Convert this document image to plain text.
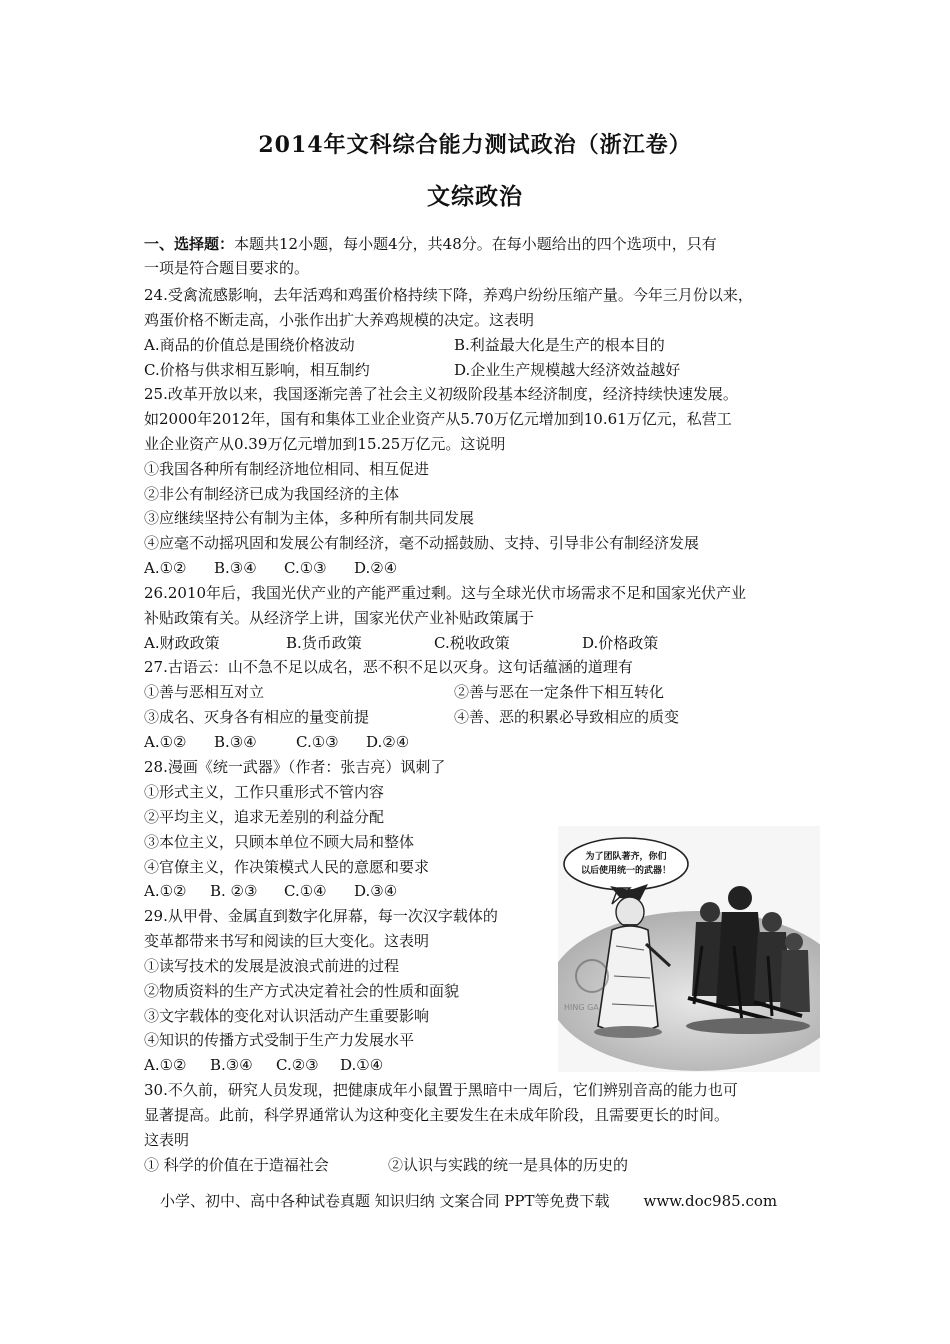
2014年文科综合能力测试政治（浙江卷）
文综政治
一、选择题：本题共12小题，每小题4分，共48分。在每小题给出的四个选项中，只有
一项是符合题目要求的。
24.受禽流感影响，去年活鸡和鸡蛋价格持续下降，养鸡户纷纷压缩产量。今年三月份以来，
鸡蛋价格不断走高，小张作出扩大养鸡规模的决定。这表明
A.商品的价值总是围绕价格波动	B.利益最大化是生产的根本目的
C.价格与供求相互影响，相互制约	D.企业生产规模越大经济效益越好
25.改革开放以来，我国逐渐完善了社会主义初级阶段基本经济制度，经济持续快速发展。
如2000年2012年，国有和集体工业企业资产从5.70万亿元增加到10.61万亿元，私营工
业企业资产从0.39万亿元增加到15.25万亿元。这说明
①我国各种所有制经济地位相同、相互促进
②非公有制经济已成为我国经济的主体
③应继续坚持公有制为主体，多种所有制共同发展
④应毫不动摇巩固和发展公有制经济，毫不动摇鼓励、支持、引导非公有制经济发展
A.①② B.③④ C.①③ D.②④
26.2010年后，我国光伏产业的产能严重过剩。这与全球光伏市场需求不足和国家光伏产业
补贴政策有关。从经济学上讲，国家光伏产业补贴政策属于
A.财政政策	B.货币政策	C.税收政策	D.价格政策
27.古语云：山不急不足以成名，恶不积不足以灭身。这句话蕴涵的道理有
①善与恶相互对立	②善与恶在一定条件下相互转化
③成名、灭身各有相应的量变前提	④善、恶的积累必导致相应的质变
A.①② B.③④	C.①③ D.②④
28.漫画《统一武器》（作者：张吉亮）讽刺了
①形式主义，工作只重形式不管内容
②平均主义，追求无差别的利益分配
③本位主义，只顾本单位不顾大局和整体
④官僚主义，作决策模式人民的意愿和要求
A.①② B. ②③ C.①④ D.③④
29.从甲骨、金属直到数字化屏幕，每一次汉字载体的
变革都带来书写和阅读的巨大变化。这表明
①读写技术的发展是波浪式前进的过程
②物质资料的生产方式决定着社会的性质和面貌
③文字载体的变化对认识活动产生重要影响
④知识的传播方式受制于生产力发展水平
A.①② B.③④ C.②③ D.①④
30.不久前，研究人员发现，把健康成年小鼠置于黑暗中一周后，它们辨别音高的能力也可
显著提高。此前，科学界通常认为这种变化主要发生在未成年阶段，且需要更长的时间。
这表明
① 科学的价值在于造福社会	②认识与实践的统一是具体的历史的
为了团队著齐，你们
以后使用统一的武器！
HING GA
小学、初中、高中各种试卷真题 知识归纳 文案合同 PPT等免费下载 www.doc985.com
